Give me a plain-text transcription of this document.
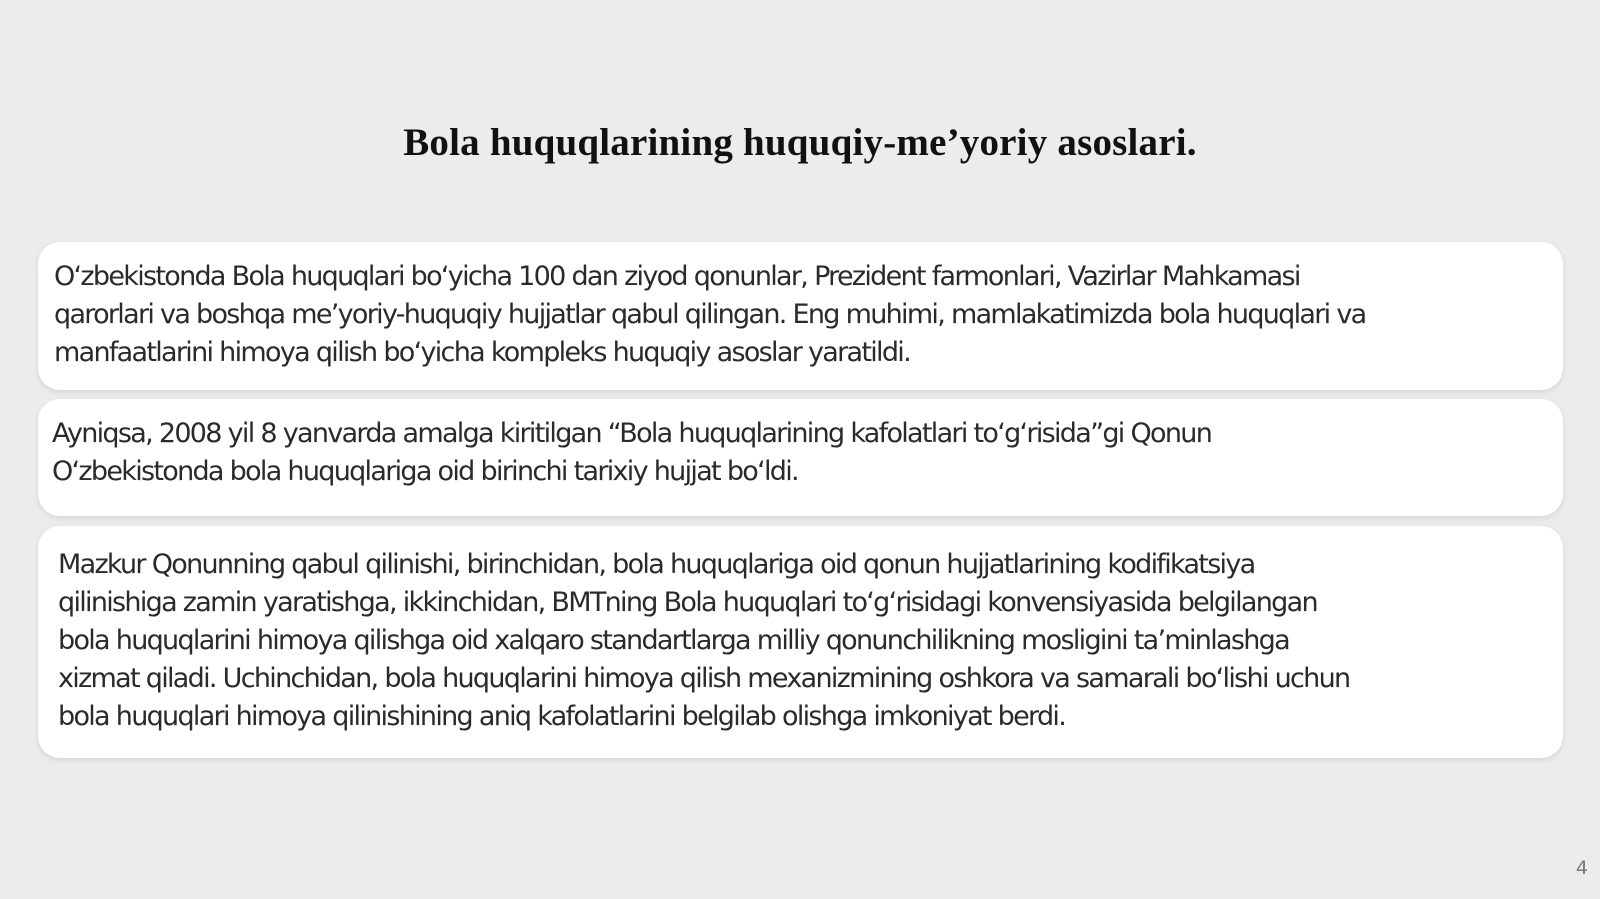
Bola huquqlarining huquqiy-me’yoriy asoslari.

O‘zbekistonda Bola huquqlari bo‘yicha 100 dan ziyod qonunlar, Prezident farmonlari, Vazirlar Mahkamasi

qarorlari va boshqa me’yoriy-huquqiy hujjatlar qabul qilingan. Eng muhimi, mamlakatimizda bola huquqlari va

manfaatlarini himoya qilish bo‘yicha kompleks huquqiy asoslar yaratildi.

Ayniqsa, 2008 yil 8 yanvarda amalga kiritilgan “Bola huquqlarining kafolatlari to‘g‘risida”gi Qonun

O‘zbekistonda bola huquqlariga oid birinchi tarixiy hujjat bo‘ldi.

Mazkur Qonunning qabul qilinishi, birinchidan, bola huquqlariga oid qonun hujjatlarining kodifikatsiya

qilinishiga zamin yaratishga, ikkinchidan, BMTning Bola huquqlari to‘g‘risidagi konvensiyasida belgilangan

bola huquqlarini himoya qilishga oid xalqaro standartlarga milliy qonunchilikning mosligini ta’minlashga

xizmat qiladi. Uchinchidan, bola huquqlarini himoya qilish mexanizmining oshkora va samarali bo‘lishi uchun

bola huquqlari himoya qilinishining aniq kafolatlarini belgilab olishga imkoniyat berdi.

4
